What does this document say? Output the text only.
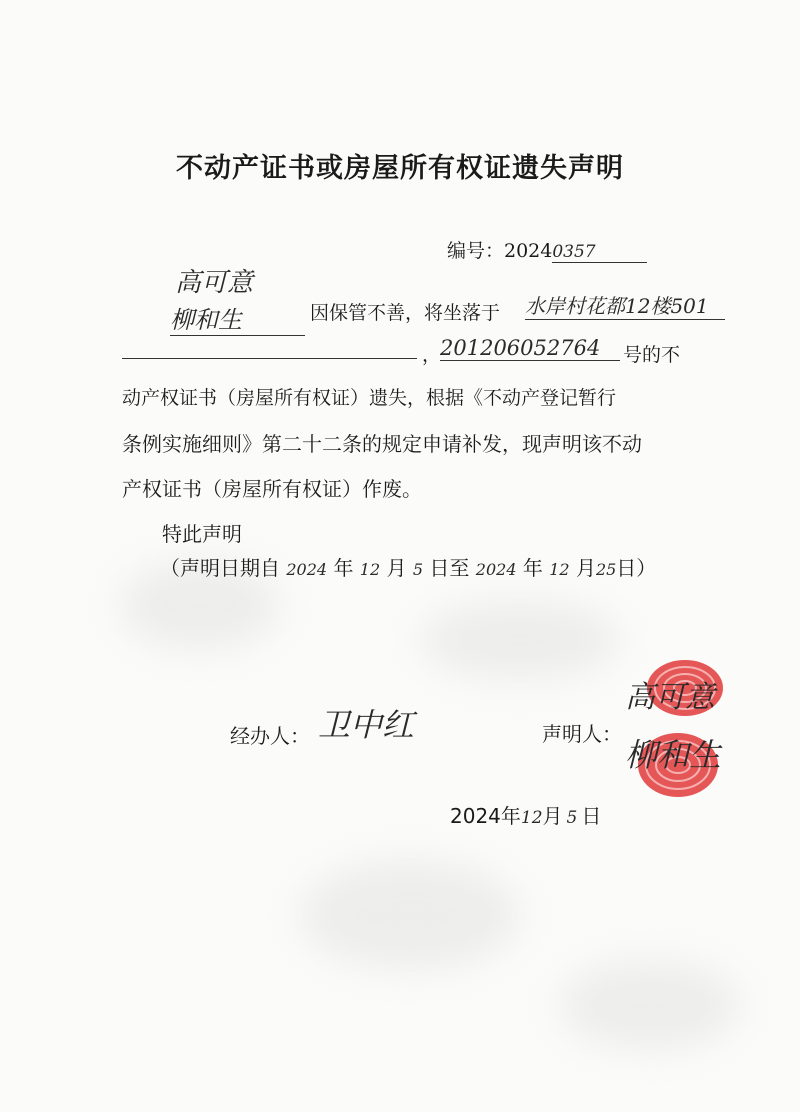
不动产证书或房屋所有权证遗失声明
编号：20240357
高可意
柳和生	因保管不善，将坐落于 水岸村花都12楼501
，
201206052764	号的不
动产权证书（房屋所有权证）遗失，根据《不动产登记暂行
条例实施细则》第二十二条的规定申请补发，现声明该不动
产权证书（房屋所有权证）作废。
特此声明
（声明日期自 2024 年 12 月 5 日至 2024 年 12 月25日）
经办人： 卫中红	声明人：
高可意
柳和生
2024年12月 5 日
